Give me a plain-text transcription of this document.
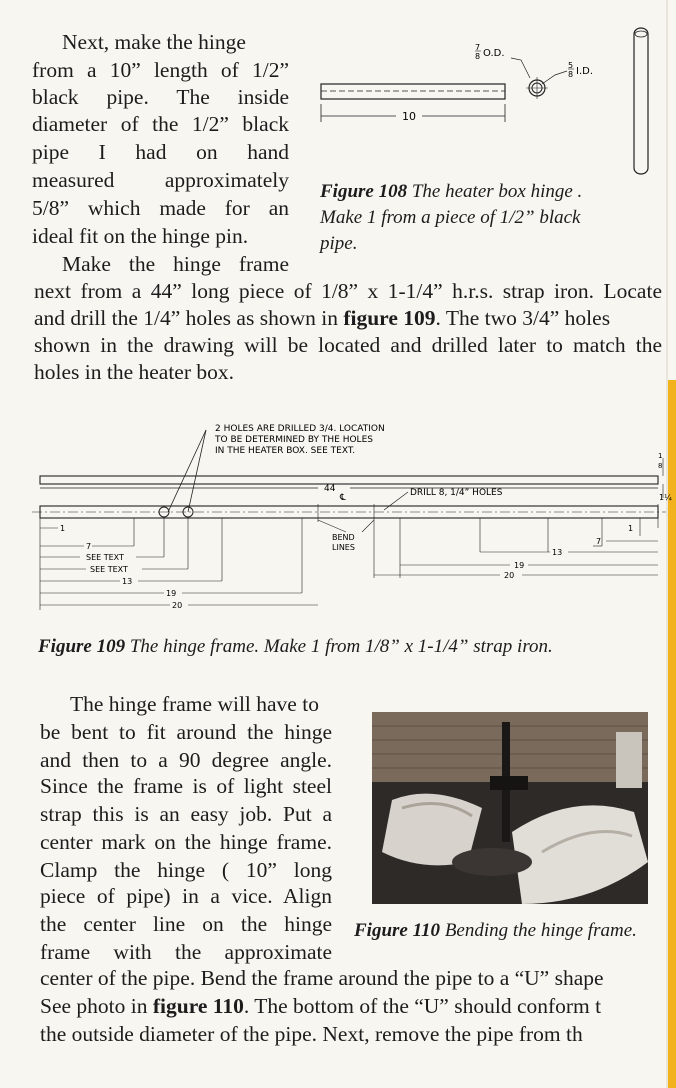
Next, make the hinge
from a 10” length of 1/2”
black pipe. The inside
diameter of the 1/2” black
pipe I had on hand
measured approximately
5/8” which made for an
ideal fit on the hinge pin.
10
7
8 O.D.
5
8 I.D.
Figure 108 The heater box hinge .
Make 1 from a piece of 1/2” black
pipe.
Make the hinge frame
next from a 44” long piece of 1/8” x 1-1/4” h.r.s. strap iron. Locate
and drill the 1/4” holes as shown in figure 109. The two 3/4” holes
shown in the drawing will be located and drilled later to match the
holes in the heater box.
2 HOLES ARE DRILLED 3/4. LOCATION
TO BE DETERMINED BY THE HOLES
IN THE HEATER BOX. SEE TEXT.	1
8
44
℄	DRILL 8, 1/4” HOLES
BEND
LINES
1¼
1
7
SEE TEXT
SEE TEXT
13
19
20
1
7
13
19
20
Figure 109 The hinge frame. Make 1 from 1/8” x 1-1/4” strap iron.
The hinge frame will have to
be bent to fit around the hinge
and then to a 90 degree angle.
Since the frame is of light steel
strap this is an easy job. Put a
center mark on the hinge frame.
Clamp the hinge ( 10” long
piece of pipe) in a vice. Align
the center line on the hinge
frame with the approximate
center of the pipe. Bend the frame around the pipe to a “U” shape
See photo in figure 110. The bottom of the “U” should conform t
the outside diameter of the pipe. Next, remove the pipe from th
Figure 110 Bending the hinge frame.
